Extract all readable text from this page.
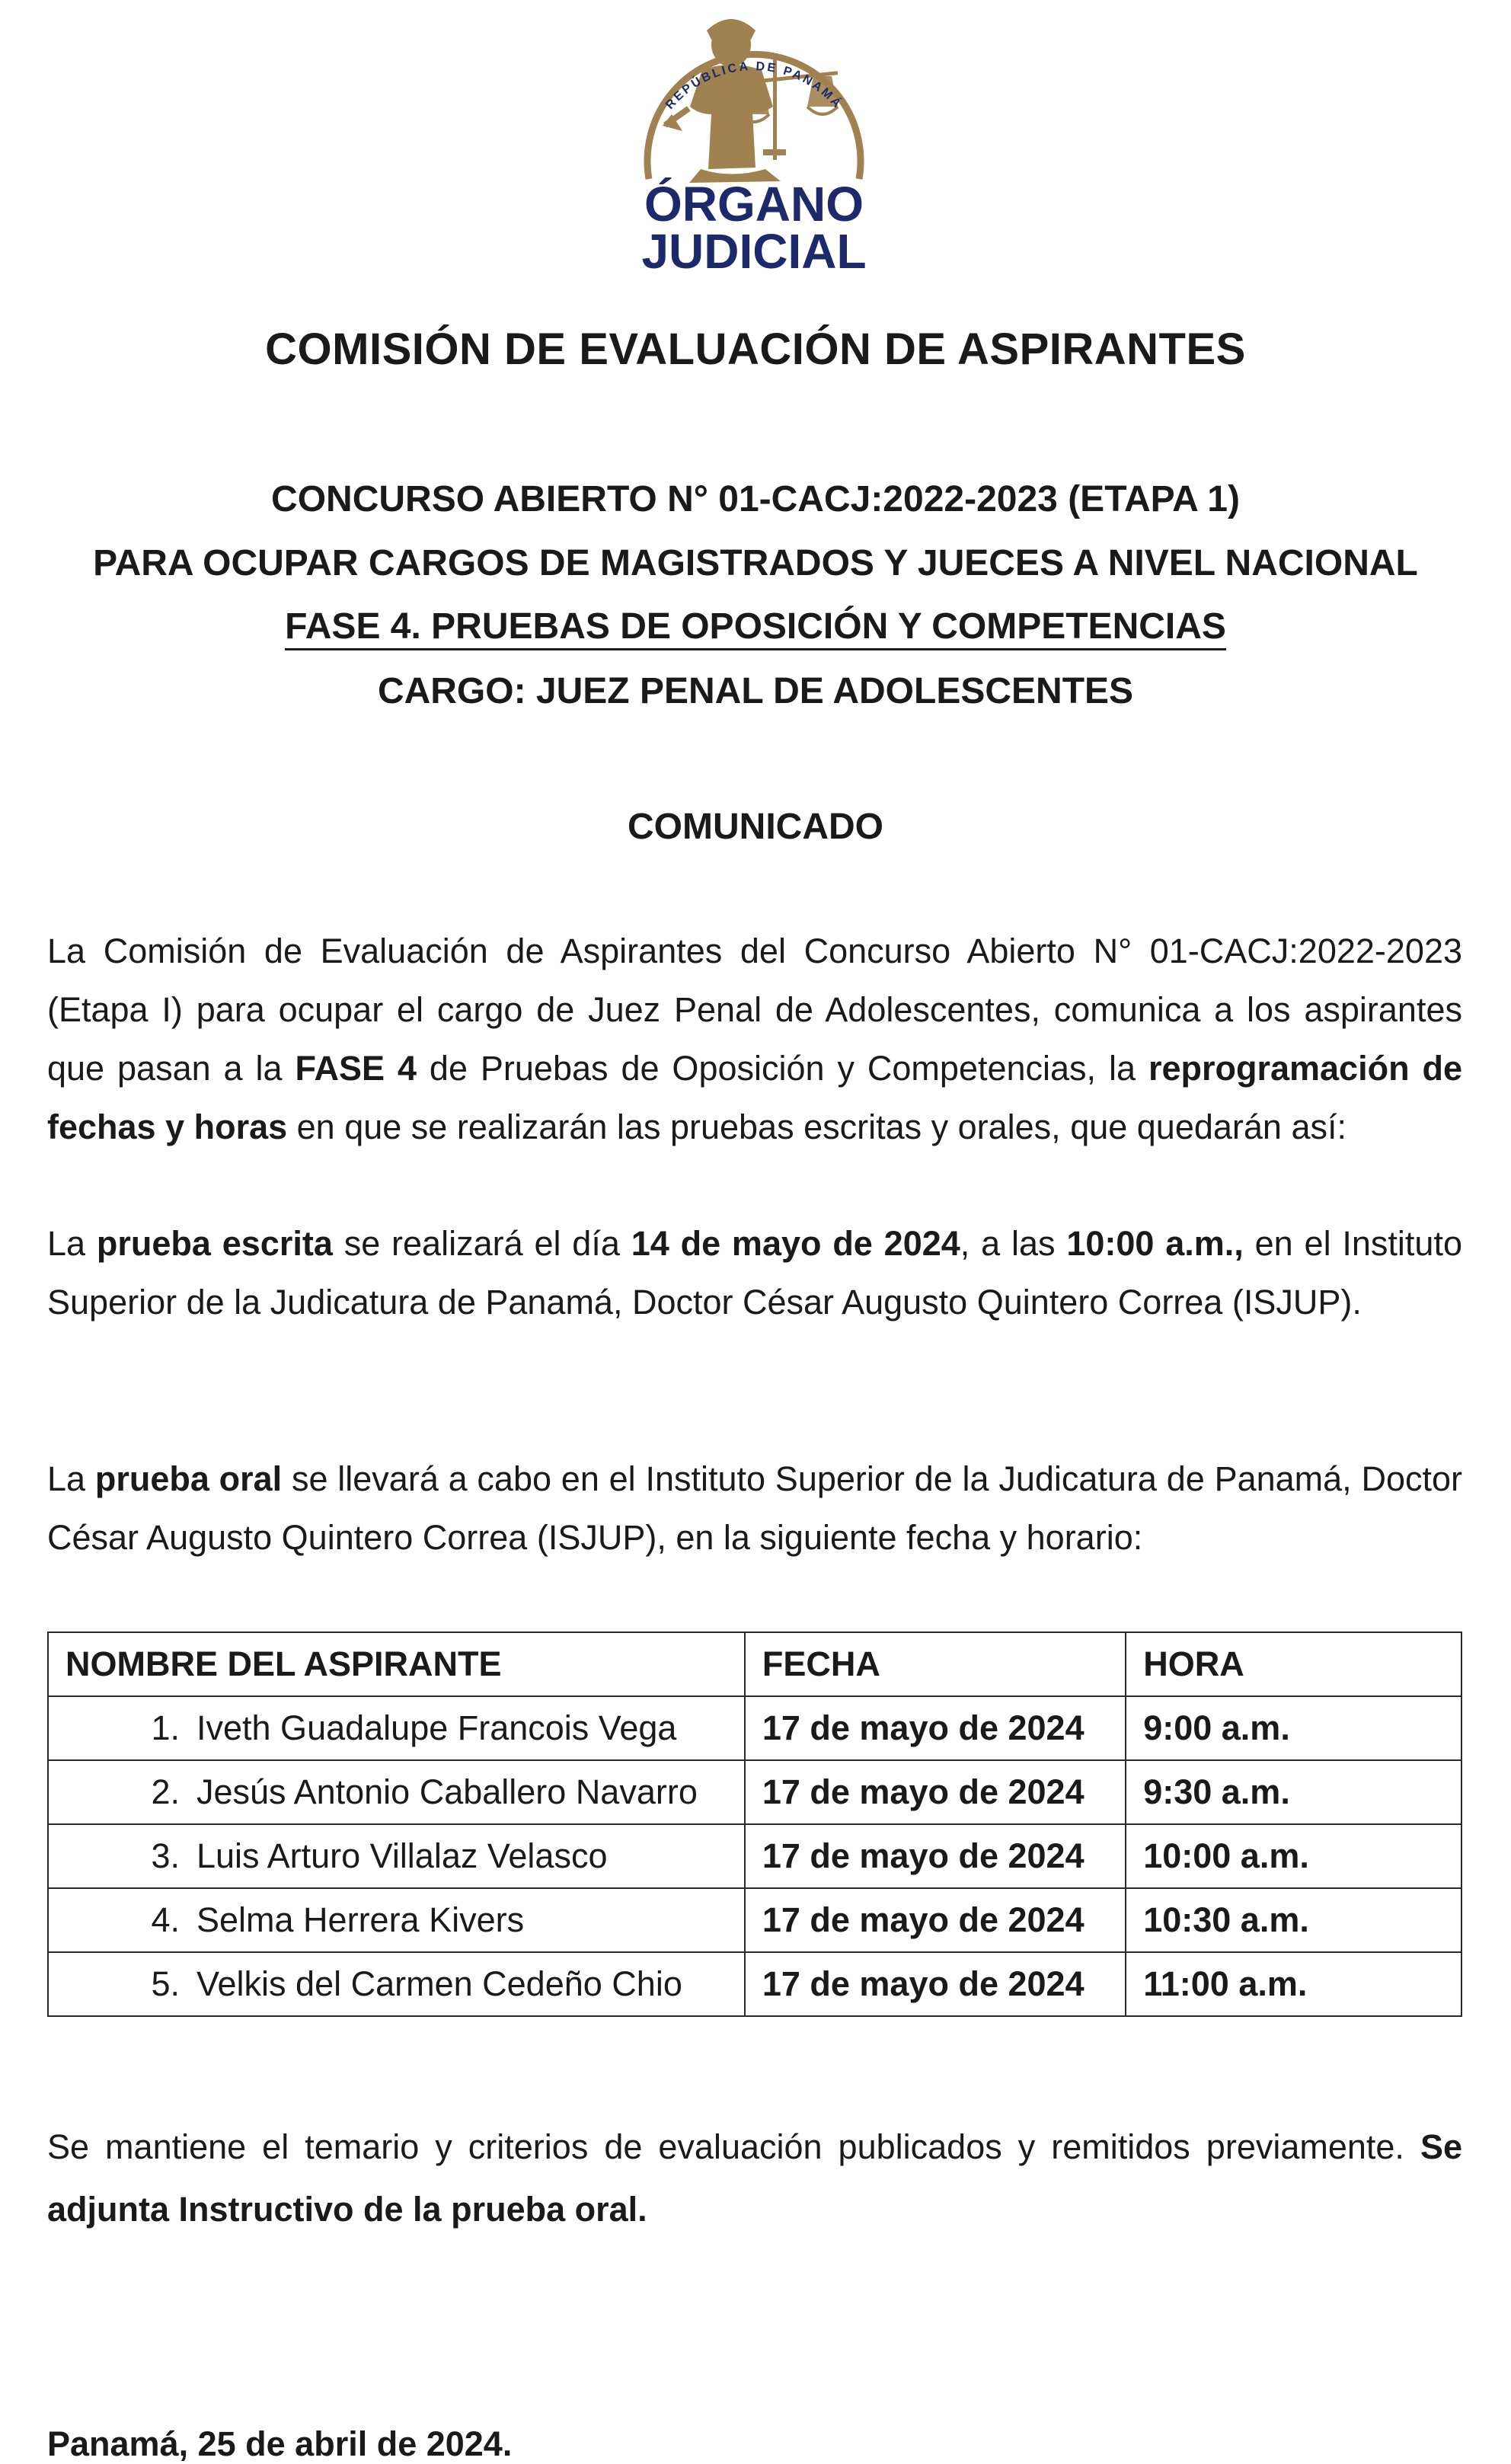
REPÚBLICA DE PANAMÁ
ÓRGANO
JUDICIAL
COMISIÓN DE EVALUACIÓN DE ASPIRANTES
CONCURSO ABIERTO N° 01-CACJ:2022-2023 (ETAPA 1)
PARA OCUPAR CARGOS DE MAGISTRADOS Y JUECES A NIVEL NACIONAL
FASE 4. PRUEBAS DE OPOSICIÓN Y COMPETENCIAS
CARGO: JUEZ PENAL DE ADOLESCENTES
COMUNICADO
La Comisión de Evaluación de Aspirantes del Concurso Abierto N° 01-CACJ:2022-2023 (Etapa I) para ocupar el cargo de Juez Penal de Adolescentes, comunica a los aspirantes que pasan a la FASE 4 de Pruebas de Oposición y Competencias, la reprogramación de fechas y horas en que se realizarán las pruebas escritas y orales, que quedarán así:
La prueba escrita se realizará el día 14 de mayo de 2024, a las 10:00 a.m., en el Instituto Superior de la Judicatura de Panamá, Doctor César Augusto Quintero Correa (ISJUP).
La prueba oral se llevará a cabo en el Instituto Superior de la Judicatura de Panamá, Doctor César Augusto Quintero Correa (ISJUP), en la siguiente fecha y horario:
NOMBRE DEL ASPIRANTE	FECHA	HORA
1. Iveth Guadalupe Francois Vega	17 de mayo de 2024	9:00 a.m.
2. Jesús Antonio Caballero Navarro	17 de mayo de 2024	9:30 a.m.
3. Luis Arturo Villalaz Velasco	17 de mayo de 2024	10:00 a.m.
4. Selma Herrera Kivers	17 de mayo de 2024	10:30 a.m.
5. Velkis del Carmen Cedeño Chio	17 de mayo de 2024	11:00 a.m.
Se mantiene el temario y criterios de evaluación publicados y remitidos previamente. Se adjunta Instructivo de la prueba oral.
Panamá, 25 de abril de 2024.
